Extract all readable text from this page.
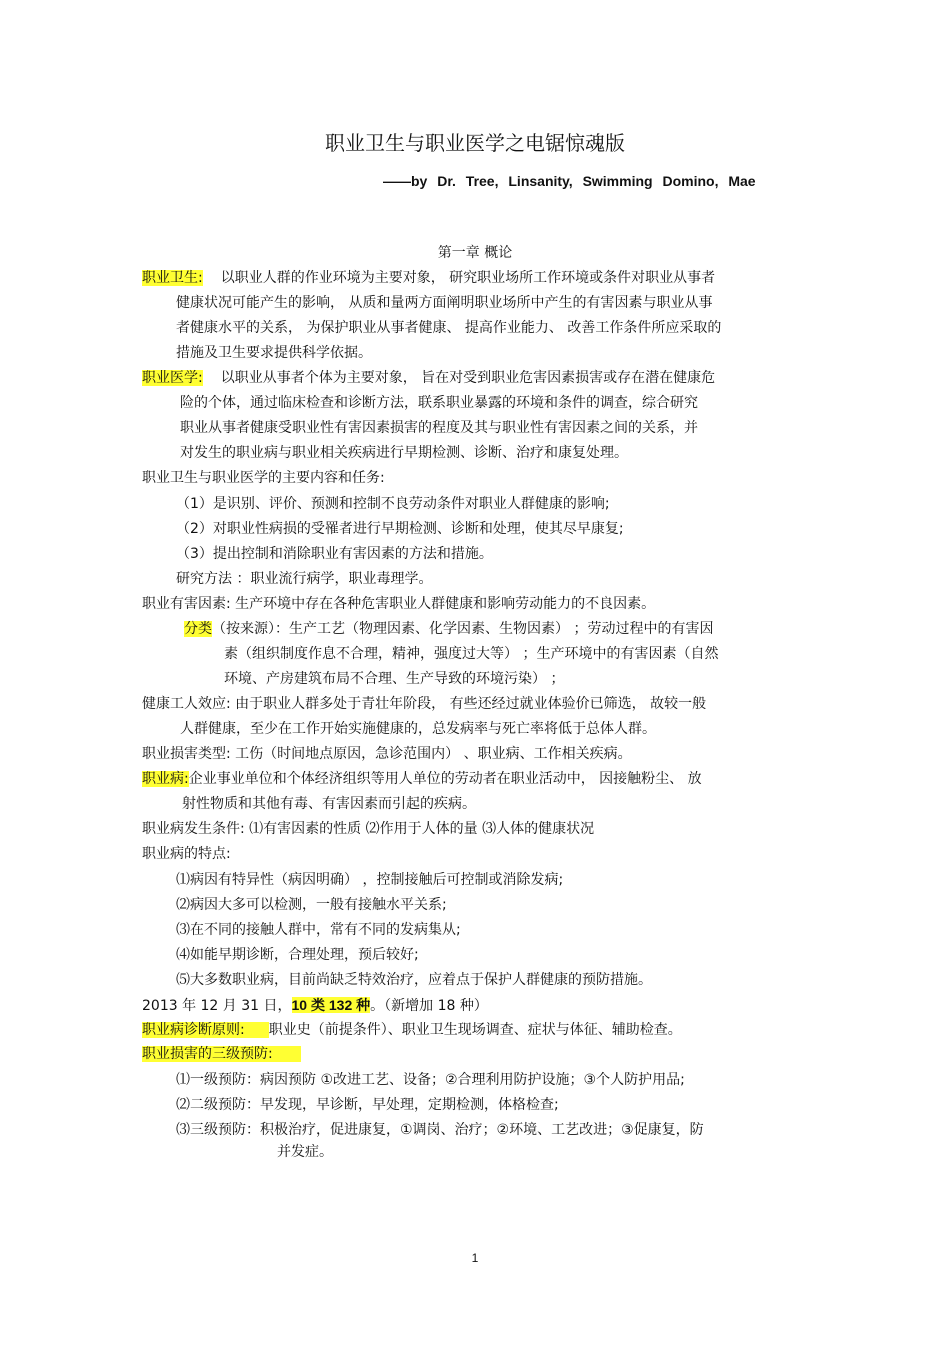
职业卫生与职业医学之电锯惊魂版
——by Dr. Tree, Linsanity, Swimming Domino, Mae
第一章 概论
职业卫生: 以职业人群的作业环境为主要对象， 研究职业场所工作环境或条件对职业从事者
健康状况可能产生的影响， 从质和量两方面阐明职业场所中产生的有害因素与职业从事
者健康水平的关系， 为保护职业从事者健康、 提高作业能力、 改善工作条件所应采取的
措施及卫生要求提供科学依据。
职业医学: 以职业从事者个体为主要对象， 旨在对受到职业危害因素损害或存在潜在健康危
险的个体，通过临床检查和诊断方法，联系职业暴露的环境和条件的调查，综合研究
职业从事者健康受职业性有害因素损害的程度及其与职业性有害因素之间的关系，并
对发生的职业病与职业相关疾病进行早期检测、诊断、治疗和康复处理。
职业卫生与职业医学的主要内容和任务:
（1）是识别、评价、预测和控制不良劳动条件对职业人群健康的影响;
（2）对职业性病损的受罹者进行早期检测、诊断和处理，使其尽早康复;
（3）提出控制和消除职业有害因素的方法和措施。
研究方法 ：职业流行病学，职业毒理学。
职业有害因素: 生产环境中存在各种危害职业人群健康和影响劳动能力的不良因素。
分类（按来源）：生产工艺（物理因素、化学因素、生物因素） ；劳动过程中的有害因
素（组织制度作息不合理，精神，强度过大等） ；生产环境中的有害因素（自然
环境、产房建筑布局不合理、生产导致的环境污染） ；
健康工人效应: 由于职业人群多处于青壮年阶段， 有些还经过就业体验价已筛选， 故较一般
人群健康，至少在工作开始实施健康的，总发病率与死亡率将低于总体人群。
职业损害类型: 工伤（时间地点原因，急诊范围内） 、职业病、工作相关疾病。
职业病:企业事业单位和个体经济组织等用人单位的劳动者在职业活动中， 因接触粉尘、 放
射性物质和其他有毒、有害因素而引起的疾病。
职业病发生条件: ⑴有害因素的性质 ⑵作用于人体的量 ⑶人体的健康状况
职业病的特点:
⑴病因有特异性（病因明确） ，控制接触后可控制或消除发病;
⑵病因大多可以检测，一般有接触水平关系;
⑶在不同的接触人群中，常有不同的发病集从;
⑷如能早期诊断，合理处理，预后较好;
⑸大多数职业病，目前尚缺乏特效治疗，应着点于保护人群健康的预防措施。
2013 年 12 月 31 日，10 类 132 种。（新增加 18 种）
职业病诊断原则: 职业史（前提条件）、职业卫生现场调查、症状与体征、辅助检查。
职业损害的三级预防:
⑴一级预防：病因预防 ①改进工艺、设备；②合理利用防护设施；③个人防护用品;
⑵二级预防：早发现，早诊断，早处理，定期检测，体格检查;
⑶三级预防：积极治疗，促进康复，①调岗、治疗；②环境、工艺改进；③促康复，防
并发症。
1
